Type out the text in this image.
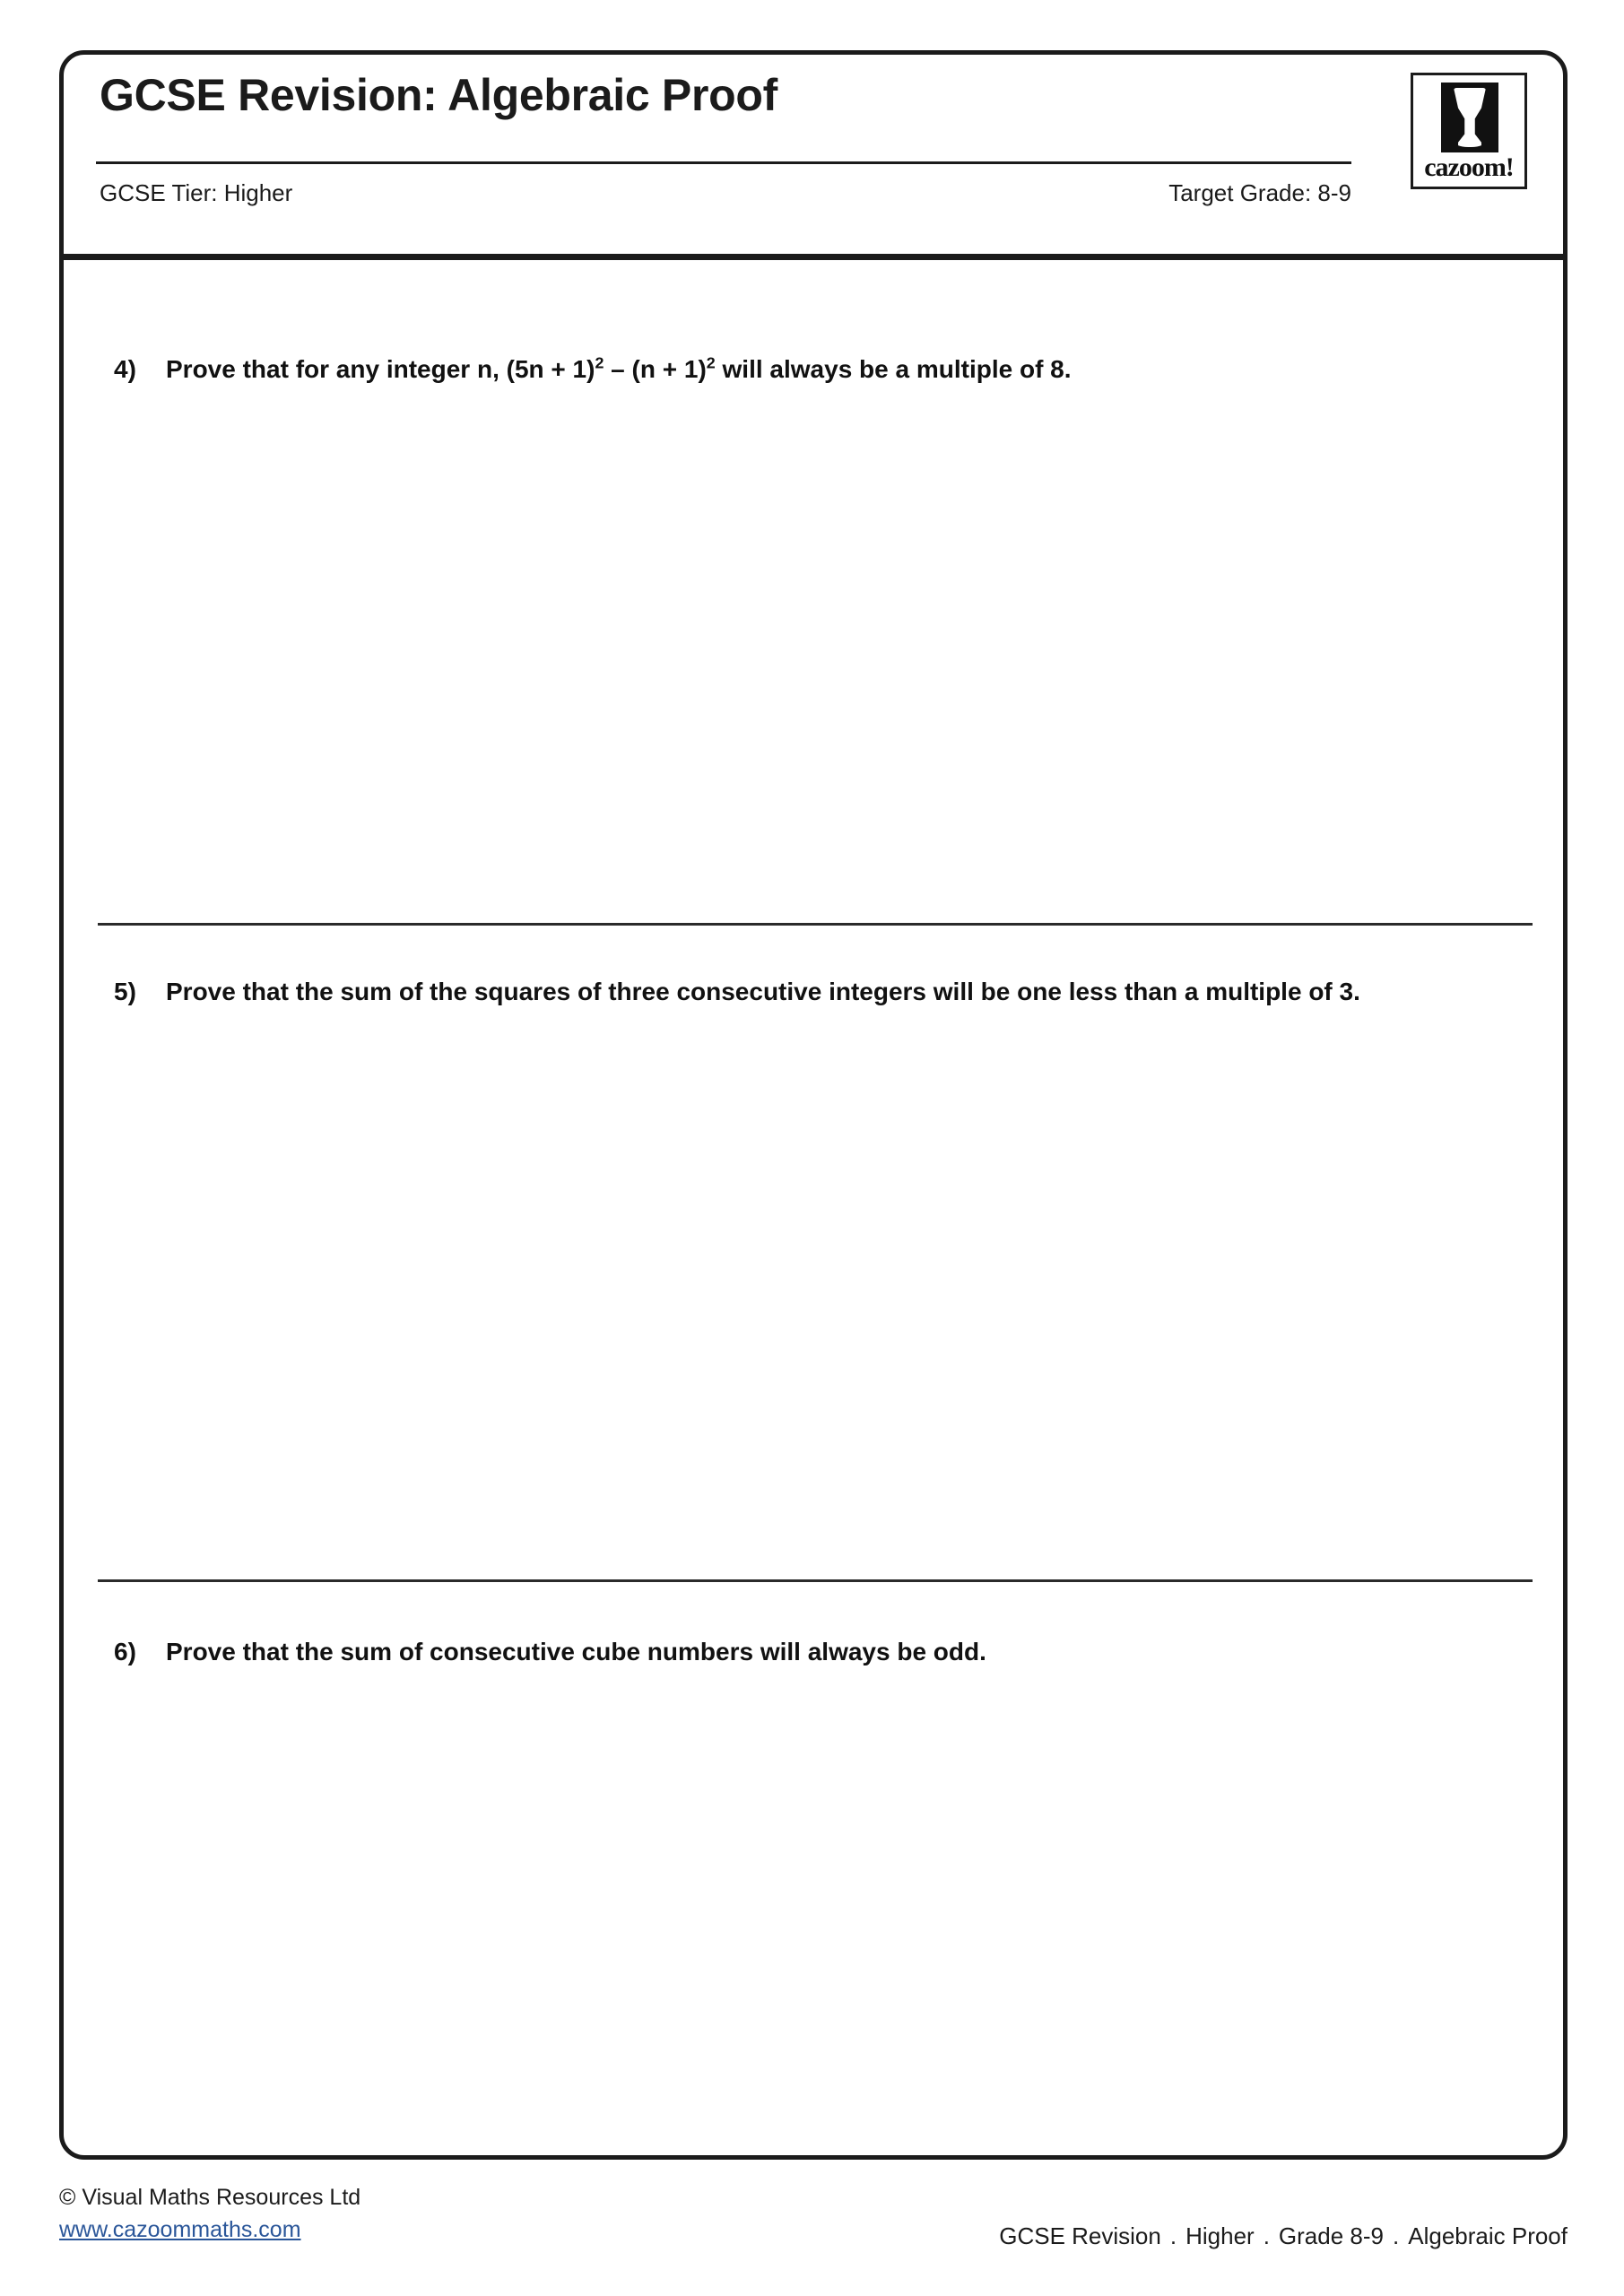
GCSE Revision: Algebraic Proof
GCSE Tier: Higher	Target Grade: 8-9
cazoom!
4)	Prove that for any integer n, $(5n + 1)^2 - (n + 1)^2$ will always be a multiple of 8.
5)	Prove that the sum of the squares of three consecutive integers will be one less than a multiple of 3.
6)	Prove that the sum of consecutive cube numbers will always be odd.
© Visual Maths Resources Ltd
www.cazoommaths.com	GCSE Revision . Higher . Grade 8-9 . Algebraic Proof
